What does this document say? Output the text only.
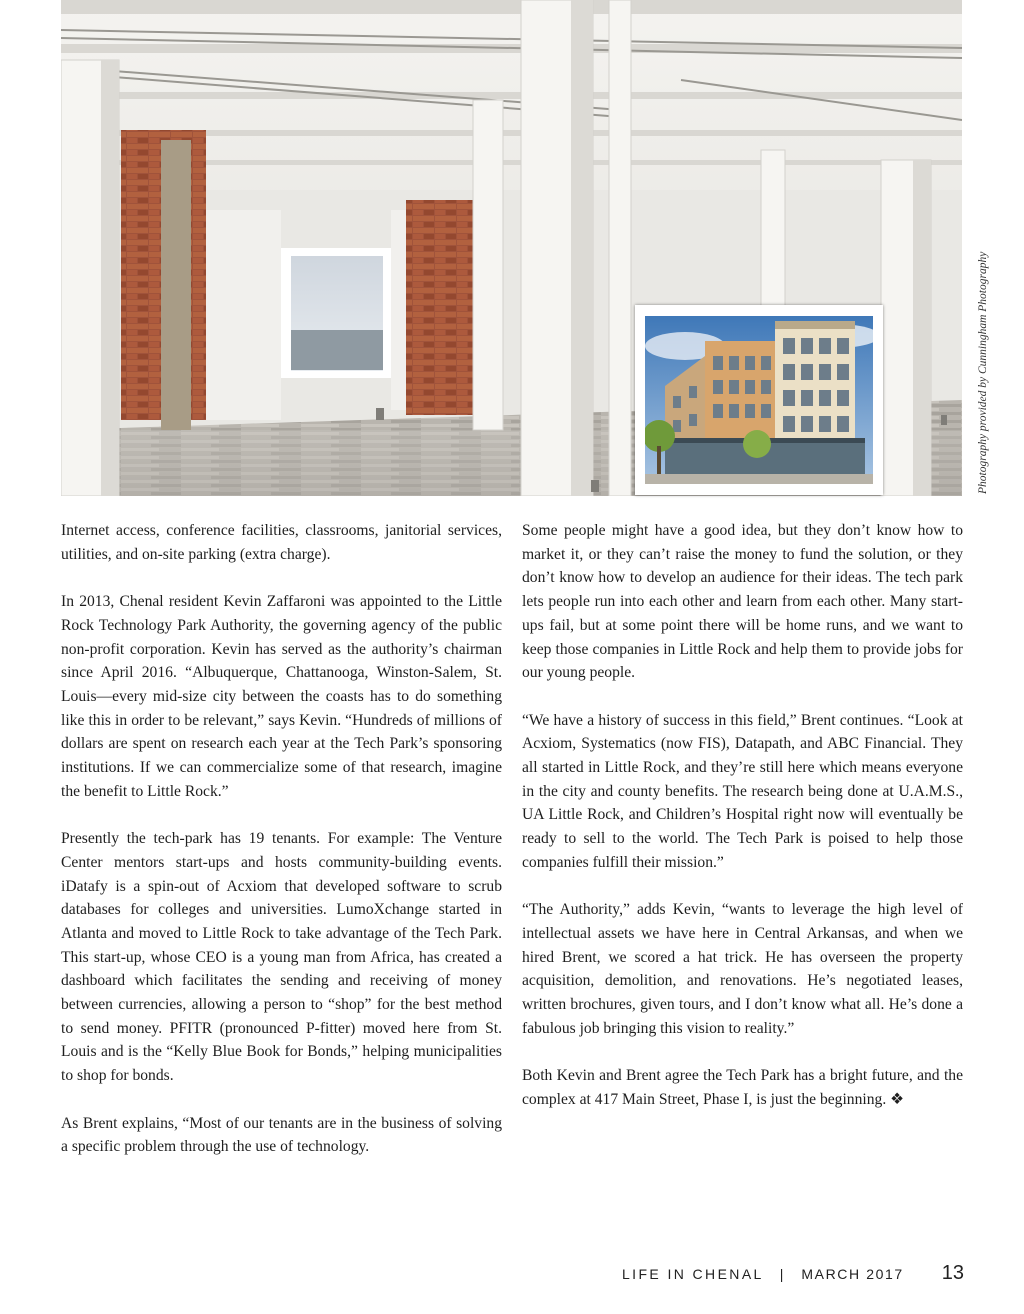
Photography provided by Cunningham Photography

Internet access, conference facilities, classrooms, janitorial services, utilities, and on-site parking (extra charge).

In 2013, Chenal resident Kevin Zaffaroni was appointed to the Little Rock Technology Park Authority, the governing agency of the public non-profit corporation. Kevin has served as the authority’s chairman since April 2016. “Albuquerque, Chattanooga, Winston-Salem, St. Louis—every mid-size city between the coasts has to do something like this in order to be relevant,” says Kevin. “Hundreds of millions of dollars are spent on research each year at the Tech Park’s sponsoring institutions. If we can commercialize some of that research, imagine the benefit to Little Rock.”

Presently the tech-park has 19 tenants. For example: The Venture Center mentors start-ups and hosts community-building events. iDatafy is a spin-out of Acxiom that developed software to scrub databases for colleges and universities. LumoXchange started in Atlanta and moved to Little Rock to take advantage of the Tech Park. This start-up, whose CEO is a young man from Africa, has created a dashboard which facilitates the sending and receiving of money between currencies, allowing a person to “shop” for the best method to send money. PFITR (pronounced P-fitter) moved here from St. Louis and is the “Kelly Blue Book for Bonds,” helping municipalities to shop for bonds.

As Brent explains, “Most of our tenants are in the business of solving a specific problem through the use of technology.

Some people might have a good idea, but they don’t know how to market it, or they can’t raise the money to fund the solution, or they don’t know how to develop an audience for their ideas. The tech park lets people run into each other and learn from each other. Many start-ups fail, but at some point there will be home runs, and we want to keep those companies in Little Rock and help them to provide jobs for our young people.

“We have a history of success in this field,” Brent continues. “Look at Acxiom, Systematics (now FIS), Datapath, and ABC Financial. They all started in Little Rock, and they’re still here which means everyone in the city and county benefits. The research being done at U.A.M.S., UA Little Rock, and Children’s Hospital right now will eventually be ready to sell to the world. The Tech Park is poised to help those companies fulfill their mission.”

“The Authority,” adds Kevin, “wants to leverage the high level of intellectual assets we have here in Central Arkansas, and when we hired Brent, we scored a hat trick. He has overseen the property acquisition, demolition, and renovations. He’s negotiated leases, written brochures, given tours, and I don’t know what all. He’s done a fabulous job bringing this vision to reality.”

Both Kevin and Brent agree the Tech Park has a bright future, and the complex at 417 Main Street, Phase I, is just the beginning. ❖

LIFE IN CHENAL | MARCH 2017 13
